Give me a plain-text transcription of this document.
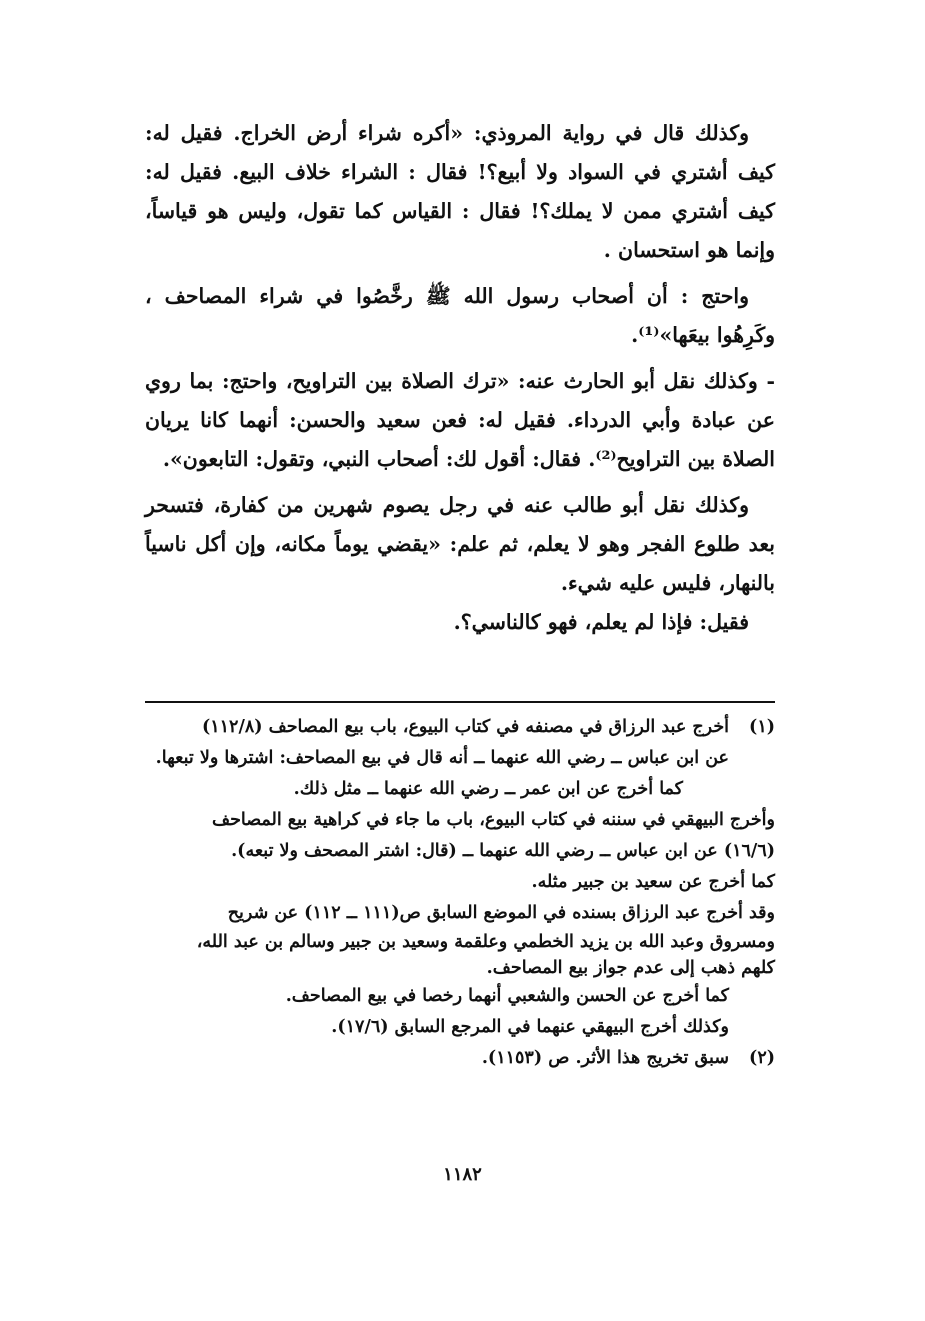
وكذلك قال في رواية المروذي: «أكره شراء أرض الخراج. فقيل له: كيف أشتري في السواد ولا أبيع؟! فقال : الشراء خلاف البيع. فقيل له: كيف أشتري ممن لا يملك؟! فقال : القياس كما تقول، وليس هو قياساً، وإنما هو استحسان .

واحتج : أن أصحاب رسول الله ﷺ رخَّصُوا في شراء المصاحف ، وكَرِهُوا بيعَها»⁽¹⁾.

- وكذلك نقل أبو الحارث عنه: «ترك الصلاة بين التراويح، واحتج: بما روي عن عبادة وأبي الدرداء. فقيل له: فعن سعيد والحسن: أنهما كانا يريان الصلاة بين التراويح⁽²⁾. فقال: أقول لك: أصحاب النبي، وتقول: التابعون».

وكذلك نقل أبو طالب عنه في رجل يصوم شهرين من كفارة، فتسحر بعد طلوع الفجر وهو لا يعلم، ثم علم: «يقضي يوماً مكانه، وإن أكل ناسياً بالنهار، فليس عليه شيء.

فقيل: فإذا لم يعلم، فهو كالناسي؟.

(١)

أخرج عبد الرزاق في مصنفه في كتاب البيوع، باب بيع المصاحف (١١٢/٨)

عن ابن عباس ــ رضي الله عنهما ــ أنه قال في بيع المصاحف: اشترها ولا تبعها.

كما أخرج عن ابن عمر ــ رضي الله عنهما ــ مثل ذلك.

وأخرج البيهقي في سننه في كتاب البيوع، باب ما جاء في كراهية بيع المصاحف

(١٦/٦) عن ابن عباس ــ رضي الله عنهما ــ (قال: اشتر المصحف ولا تبعه).

كما أخرج عن سعيد بن جبير مثله.

وقد أخرج عبد الرزاق بسنده في الموضع السابق ص(١١١ ــ ١١٢) عن شريح

ومسروق وعبد الله بن يزيد الخطمي وعلقمة وسعيد بن جبير وسالم بن عبد الله،

كلهم ذهب إلى عدم جواز بيع المصاحف.

كما أخرج عن الحسن والشعبي أنهما رخصا في بيع المصاحف.

وكذلك أخرج البيهقي عنهما في المرجع السابق (١٧/٦).

(٢)

سبق تخريج هذا الأثر. ص (١١٥٣).

١١٨٢
